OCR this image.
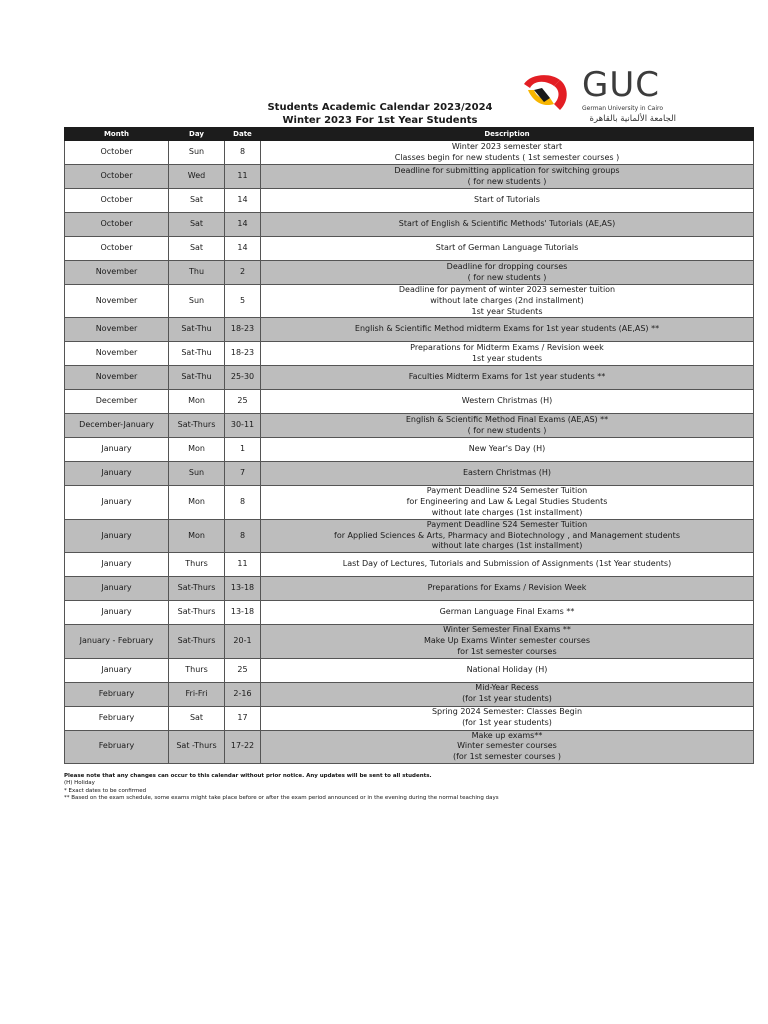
Students Academic Calendar 2023/2024
Winter 2023 For 1st Year Students
GUC
German University in Cairo
الجامعة الألمانية بالقاهرة
Month	Day	Date	Description
October	Sun	8	Winter 2023 semester start
Classes begin for new students ( 1st semester courses )

October	Wed	11	Deadline for submitting application for switching groups
( for new students )

October	Sat	14	Start of Tutorials

October	Sat	14	Start of English & Scientific Methods' Tutorials (AE,AS)

October	Sat	14	Start of German Language Tutorials

November	Thu	2	Deadline for dropping courses
( for new students )

November	Sun	5	Deadline for payment of winter 2023 semester tuition
without late charges (2nd installment)
1st year Students

November	Sat-Thu	18-23	English & Scientific Method midterm Exams for 1st year students (AE,AS) **

November	Sat-Thu	18-23	Preparations for Midterm Exams / Revision week
1st year students

November	Sat-Thu	25-30	Faculties Midterm Exams for 1st year students **

December	Mon	25	Western Christmas (H)

December-January	Sat-Thurs	30-11	English & Scientific Method Final Exams (AE,AS) **
( for new students )

January	Mon	1	New Year's Day (H)

January	Sun	7	Eastern Christmas (H)

January	Mon	8	Payment Deadline S24 Semester Tuition
for Engineering and Law & Legal Studies Students
without late charges (1st installment)

January	Mon	8	Payment Deadline S24 Semester Tuition
for Applied Sciences & Arts, Pharmacy and Biotechnology , and Management students
without late charges (1st installment)

January	Thurs	11	Last Day of Lectures, Tutorials and Submission of Assignments (1st Year students)

January	Sat-Thurs	13-18	Preparations for Exams / Revision Week

January	Sat-Thurs	13-18	German Language Final Exams **

January - February	Sat-Thurs	20-1	Winter Semester Final Exams **
Make Up Exams Winter semester courses
for 1st semester courses

January	Thurs	25	National Holiday (H)

February	Fri-Fri	2-16	Mid-Year Recess
(for 1st year students)

February	Sat	17	Spring 2024 Semester: Classes Begin
(for 1st year students)

February	Sat -Thurs	17-22	Make up exams**
Winter semester courses
(for 1st semester courses )
Please note that any changes can occur to this calendar without prior notice. Any updates will be sent to all students.
(H) Holiday
* Exact dates to be confirmed
** Based on the exam schedule, some exams might take place before or after the exam period announced or in the evening during the normal teaching days
